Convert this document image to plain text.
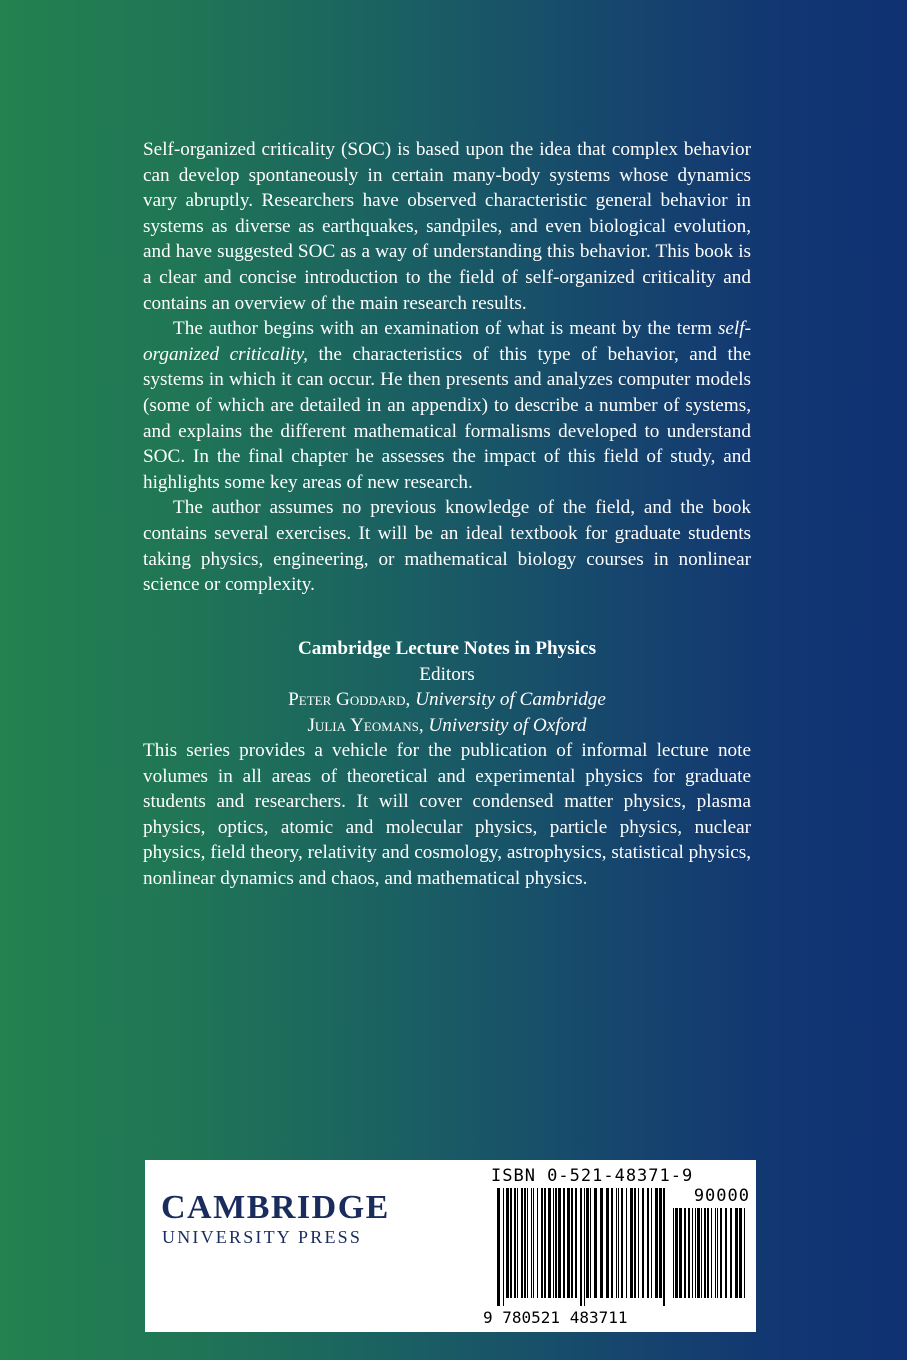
Self-organized criticality (SOC) is based upon the idea that complex behavior can develop spontaneously in certain many-body systems whose dynamics vary abruptly. Researchers have observed characteristic general behavior in systems as diverse as earthquakes, sandpiles, and even biological evolution, and have suggested SOC as a way of understanding this behavior. This book is a clear and concise introduction to the field of self-organized criticality and contains an overview of the main research results.

The author begins with an examination of what is meant by the term self-organized criticality, the characteristics of this type of behavior, and the systems in which it can occur. He then presents and analyzes computer models (some of which are detailed in an appendix) to describe a number of systems, and explains the different mathematical formalisms developed to understand SOC. In the final chapter he assesses the impact of this field of study, and highlights some key areas of new research.

The author assumes no previous knowledge of the field, and the book contains several exercises. It will be an ideal textbook for graduate students taking physics, engineering, or mathematical biology courses in nonlinear science or complexity.

Cambridge Lecture Notes in Physics
Editors
Peter Goddard, University of Cambridge
Julia Yeomans, University of Oxford

This series provides a vehicle for the publication of informal lecture note volumes in all areas of theoretical and experimental physics for graduate students and researchers. It will cover condensed matter physics, plasma physics, optics, atomic and molecular physics, particle physics, nuclear physics, field theory, relativity and cosmology, astrophysics, statistical physics, nonlinear dynamics and chaos, and mathematical physics.

CAMBRIDGE
UNIVERSITY PRESS
ISBN 0-521-48371-9
90000
9 780521 483711
